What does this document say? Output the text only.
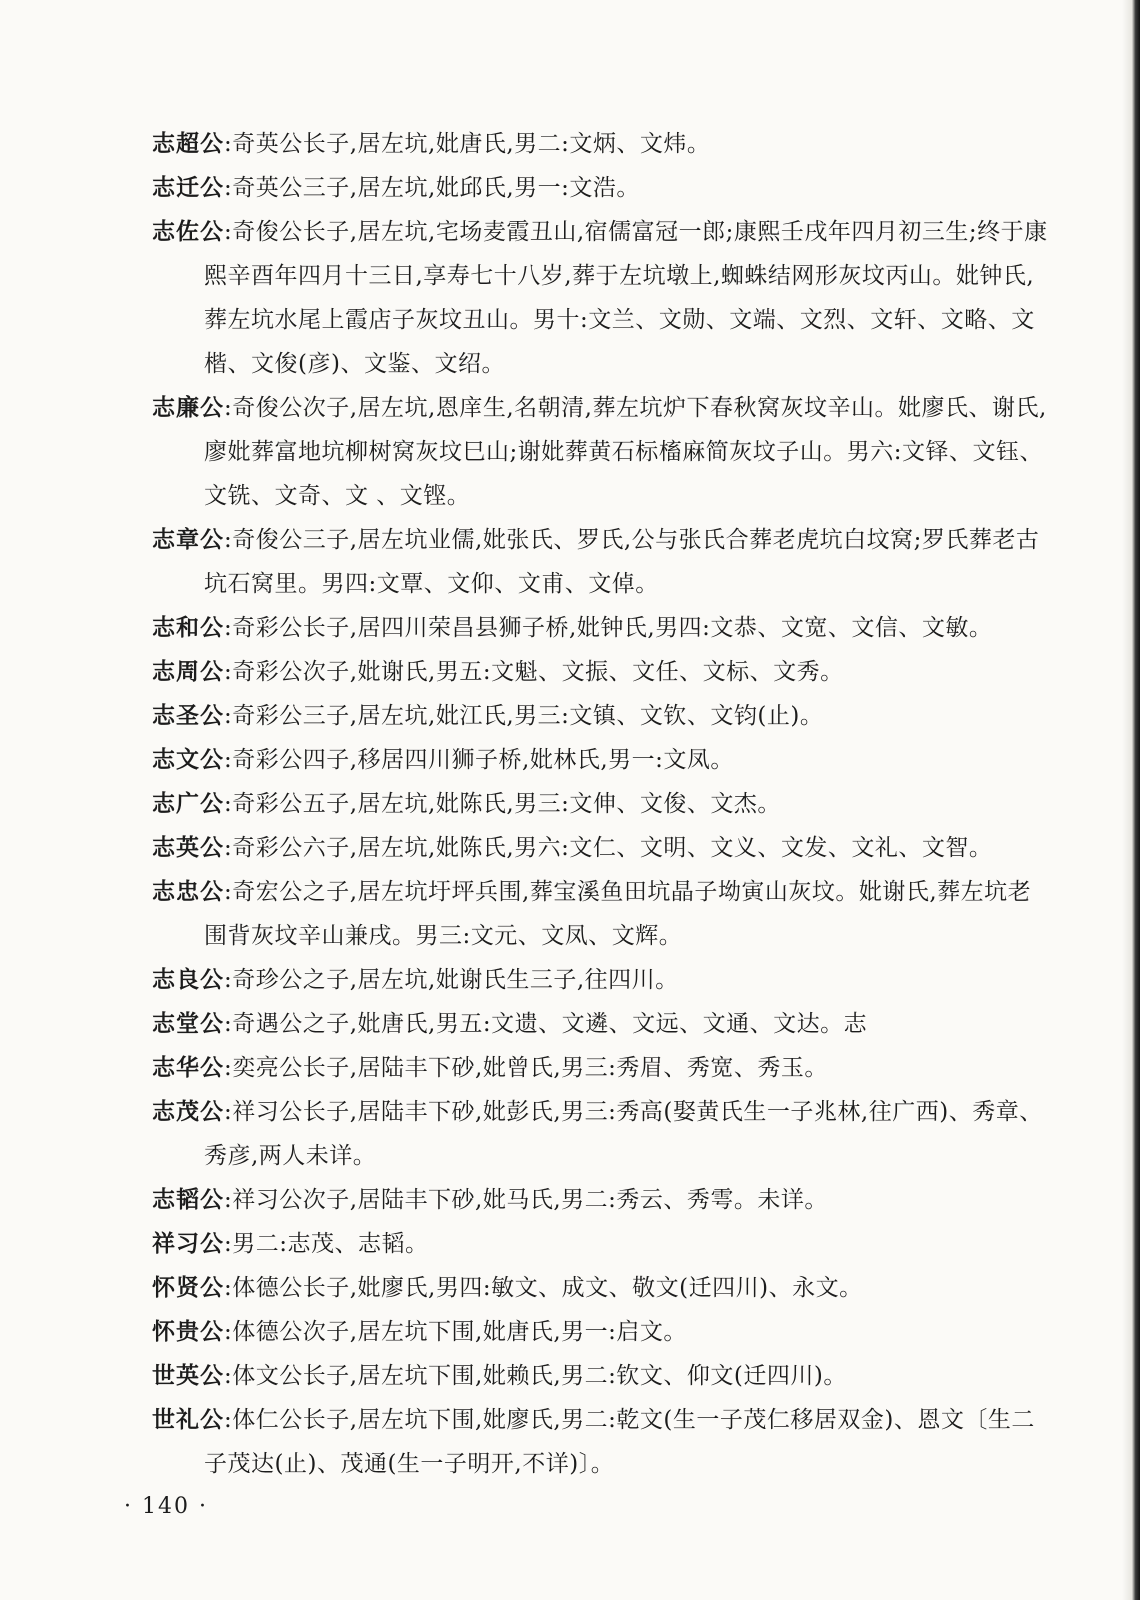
志超公:奇英公长子,居左坑,妣唐氏,男二:文炳、文炜。

志迁公:奇英公三子,居左坑,妣邱氏,男一:文浩。

志佐公:奇俊公长子,居左坑,宅场麦霞丑山,宿儒富冠一郎;康熙壬戌年四月初三生;终于康熙辛酉年四月十三日,享寿七十八岁,葬于左坑墩上,蜘蛛结网形灰坟丙山。妣钟氏,葬左坑水尾上霞店子灰坟丑山。男十:文兰、文勋、文端、文烈、文轩、文略、文楷、文俊(彦)、文鉴、文绍。

志廉公:奇俊公次子,居左坑,恩庠生,名朝清,葬左坑炉下春秋窝灰坟辛山。妣廖氏、谢氏,廖妣葬富地坑柳树窝灰坟巳山;谢妣葬黄石标槒麻简灰坟子山。男六:文铎、文钰、文铣、文奇、文 、文铿。

志章公:奇俊公三子,居左坑业儒,妣张氏、罗氏,公与张氏合葬老虎坑白坟窝;罗氏葬老古坑石窝里。男四:文覃、文仰、文甫、文倬。

志和公:奇彩公长子,居四川荣昌县狮子桥,妣钟氏,男四:文恭、文宽、文信、文敏。

志周公:奇彩公次子,妣谢氏,男五:文魁、文振、文任、文标、文秀。

志圣公:奇彩公三子,居左坑,妣江氏,男三:文镇、文钦、文钧(止)。

志文公:奇彩公四子,移居四川狮子桥,妣林氏,男一:文凤。

志广公:奇彩公五子,居左坑,妣陈氏,男三:文伸、文俊、文杰。

志英公:奇彩公六子,居左坑,妣陈氏,男六:文仁、文明、文义、文发、文礼、文智。

志忠公:奇宏公之子,居左坑圩坪兵围,葬宝溪鱼田坑晶子坳寅山灰坟。妣谢氏,葬左坑老围背灰坟辛山兼戌。男三:文元、文凤、文辉。

志良公:奇珍公之子,居左坑,妣谢氏生三子,往四川。

志堂公:奇遇公之子,妣唐氏,男五:文遗、文遴、文远、文通、文达。志

志华公:奕亮公长子,居陆丰下砂,妣曾氏,男三:秀眉、秀宽、秀玉。

志茂公:祥习公长子,居陆丰下砂,妣彭氏,男三:秀高(娶黄氏生一子兆林,往广西)、秀章、秀彦,两人未详。

志韬公:祥习公次子,居陆丰下砂,妣马氏,男二:秀云、秀雩。未详。

祥习公:男二:志茂、志韬。

怀贤公:体德公长子,妣廖氏,男四:敏文、成文、敬文(迁四川)、永文。

怀贵公:体德公次子,居左坑下围,妣唐氏,男一:启文。

世英公:体文公长子,居左坑下围,妣赖氏,男二:钦文、仰文(迁四川)。

世礼公:体仁公长子,居左坑下围,妣廖氏,男二:乾文(生一子茂仁移居双金)、恩文〔生二子茂达(止)、茂通(生一子明开,不详)〕。

· 140 ·
